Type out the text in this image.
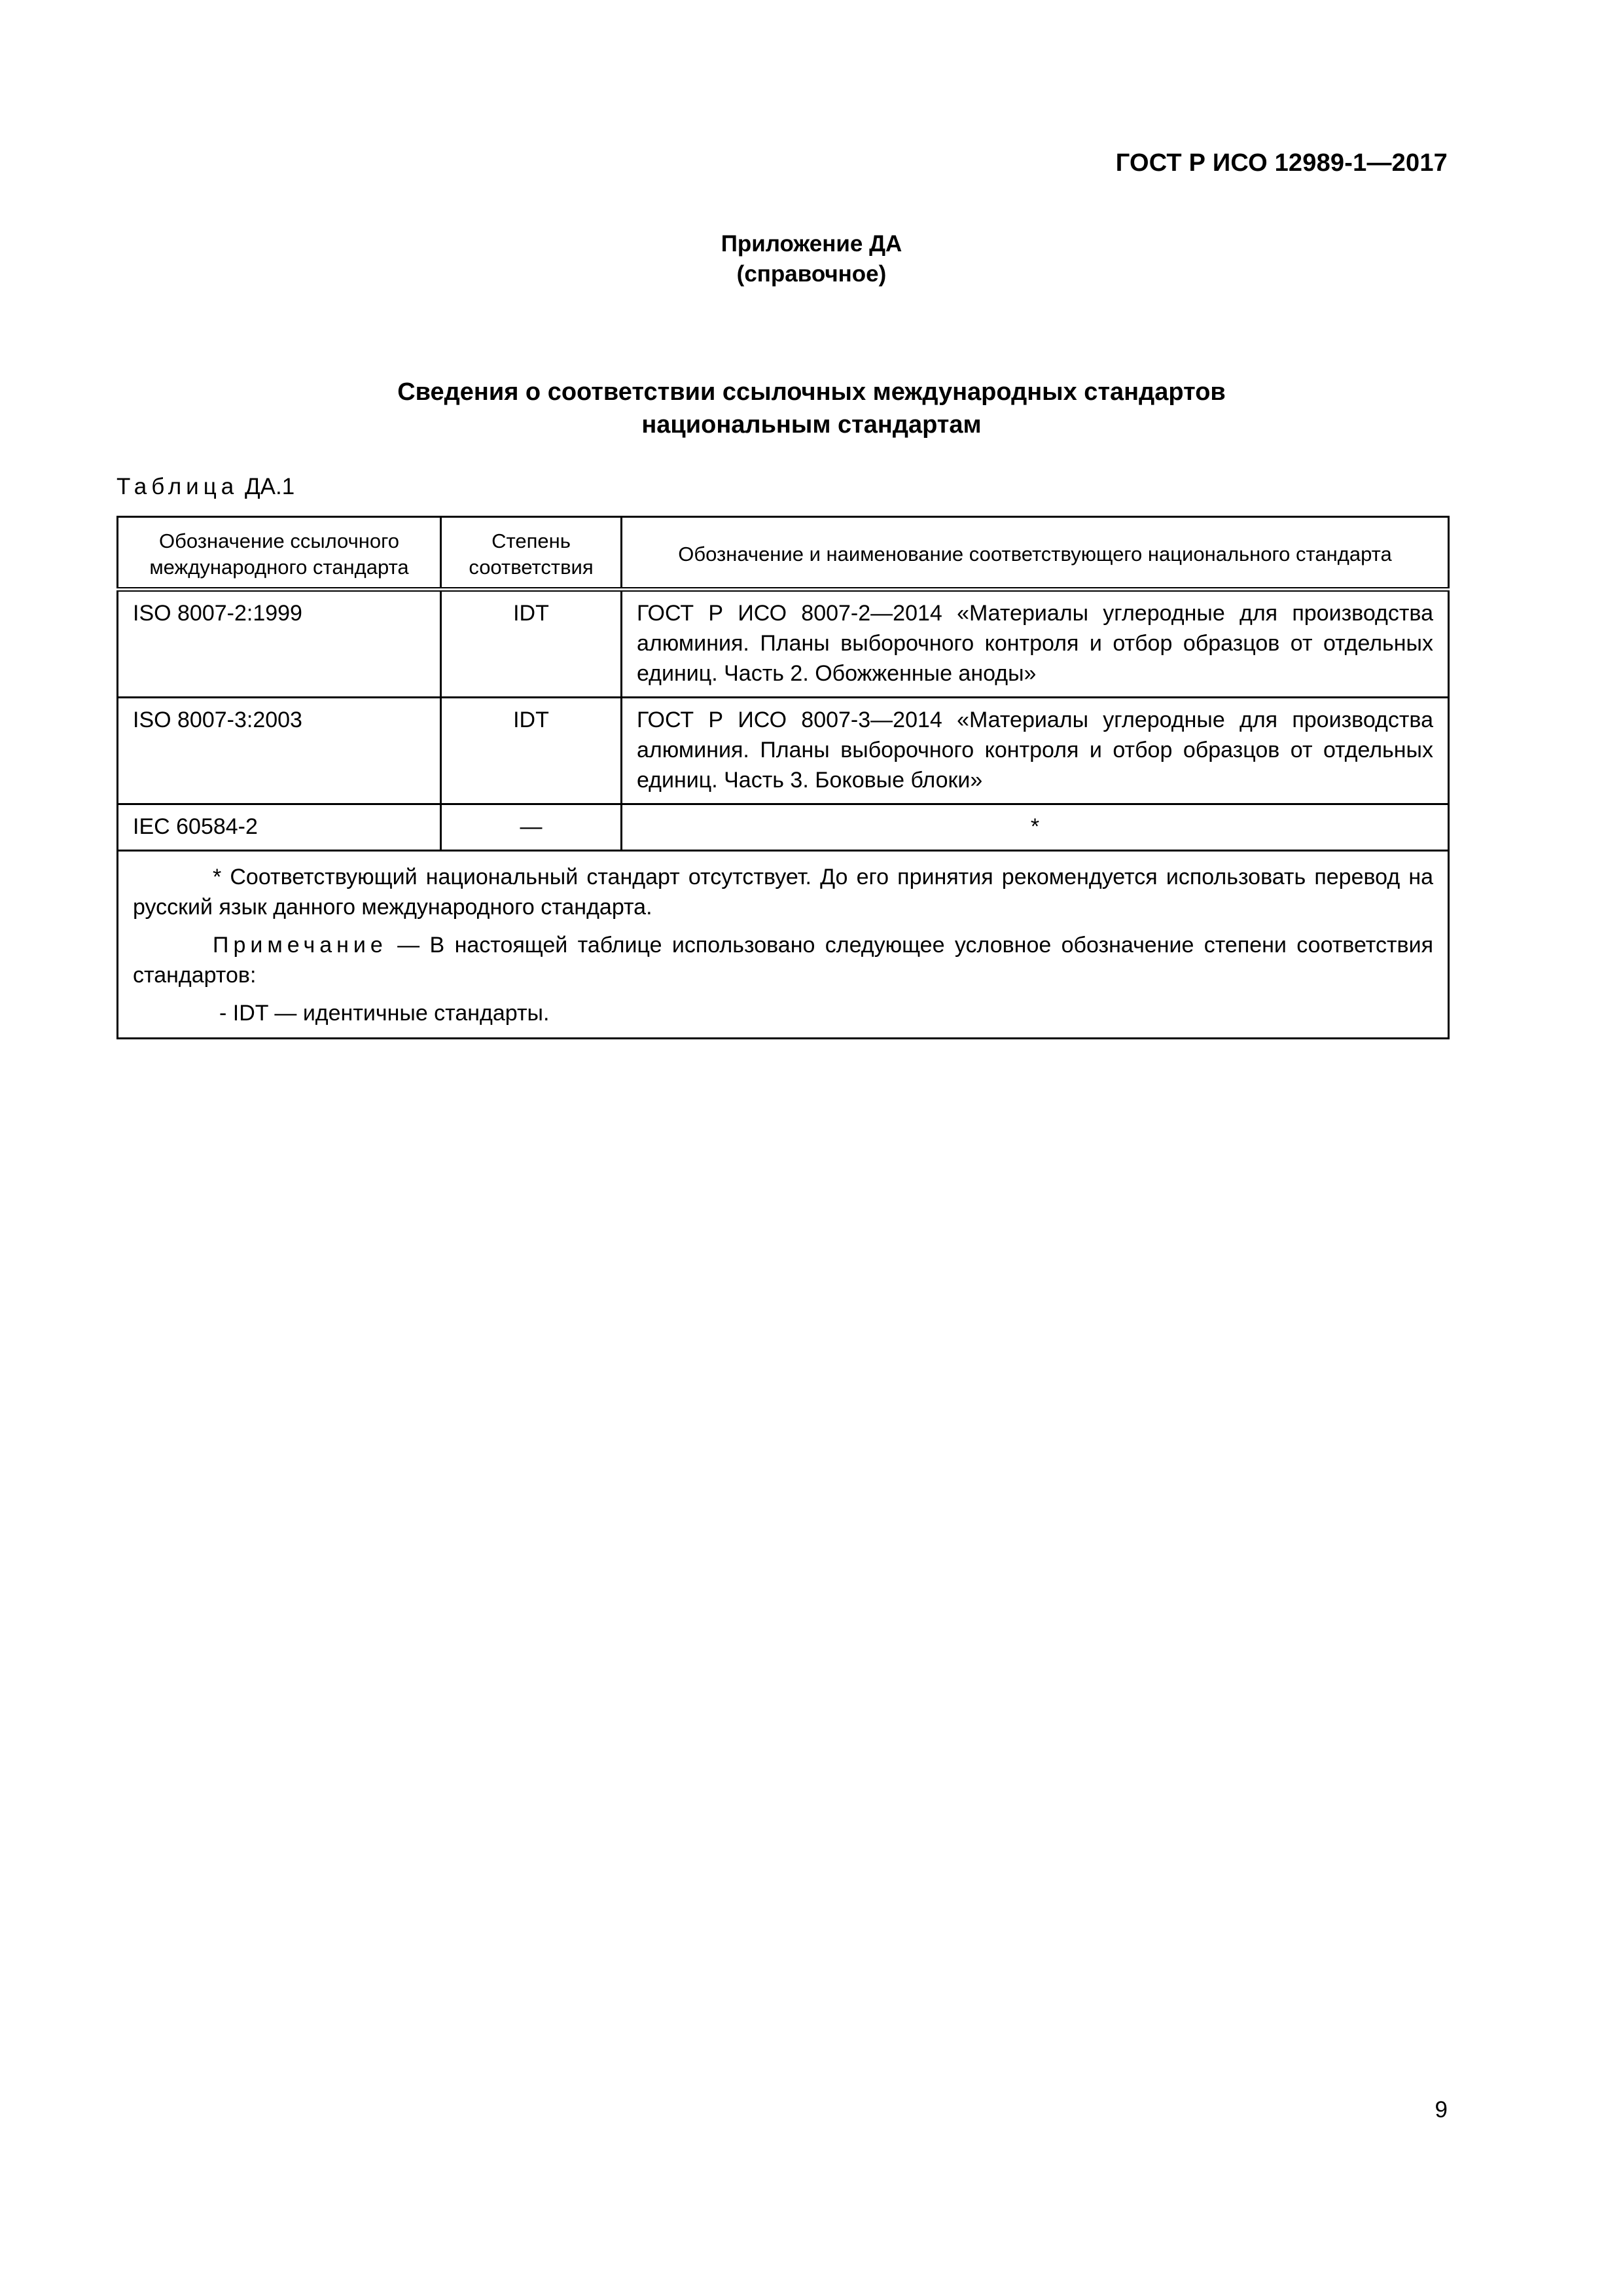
ГОСТ Р ИСО 12989-1—2017
Приложение ДА
(справочное)
Сведения о соответствии ссылочных международных стандартов
национальным стандартам
Таблица ДА.1
Обозначение ссылочного международного стандарта	Степень соответствия	Обозначение и наименование соответствующего национального стандарта
ISO 8007-2:1999	IDT	ГОСТ Р ИСО 8007-2—2014 «Материалы углеродные для производства алюминия. Планы выборочного контроля и отбор образцов от отдельных единиц. Часть 2. Обожженные аноды»
ISO 8007-3:2003	IDT	ГОСТ Р ИСО 8007-3—2014 «Материалы углеродные для производства алюминия. Планы выборочного контроля и отбор образцов от отдельных единиц. Часть 3. Боковые блоки»
IEC 60584-2	—	*

* Соответствующий национальный стандарт отсутствует. До его принятия рекомендуется использовать перевод на русский язык данного международного стандарта.

Примечание — В настоящей таблице использовано следующее условное обозначение степени соответствия стандартов:

- IDT — идентичные стандарты.		

9
